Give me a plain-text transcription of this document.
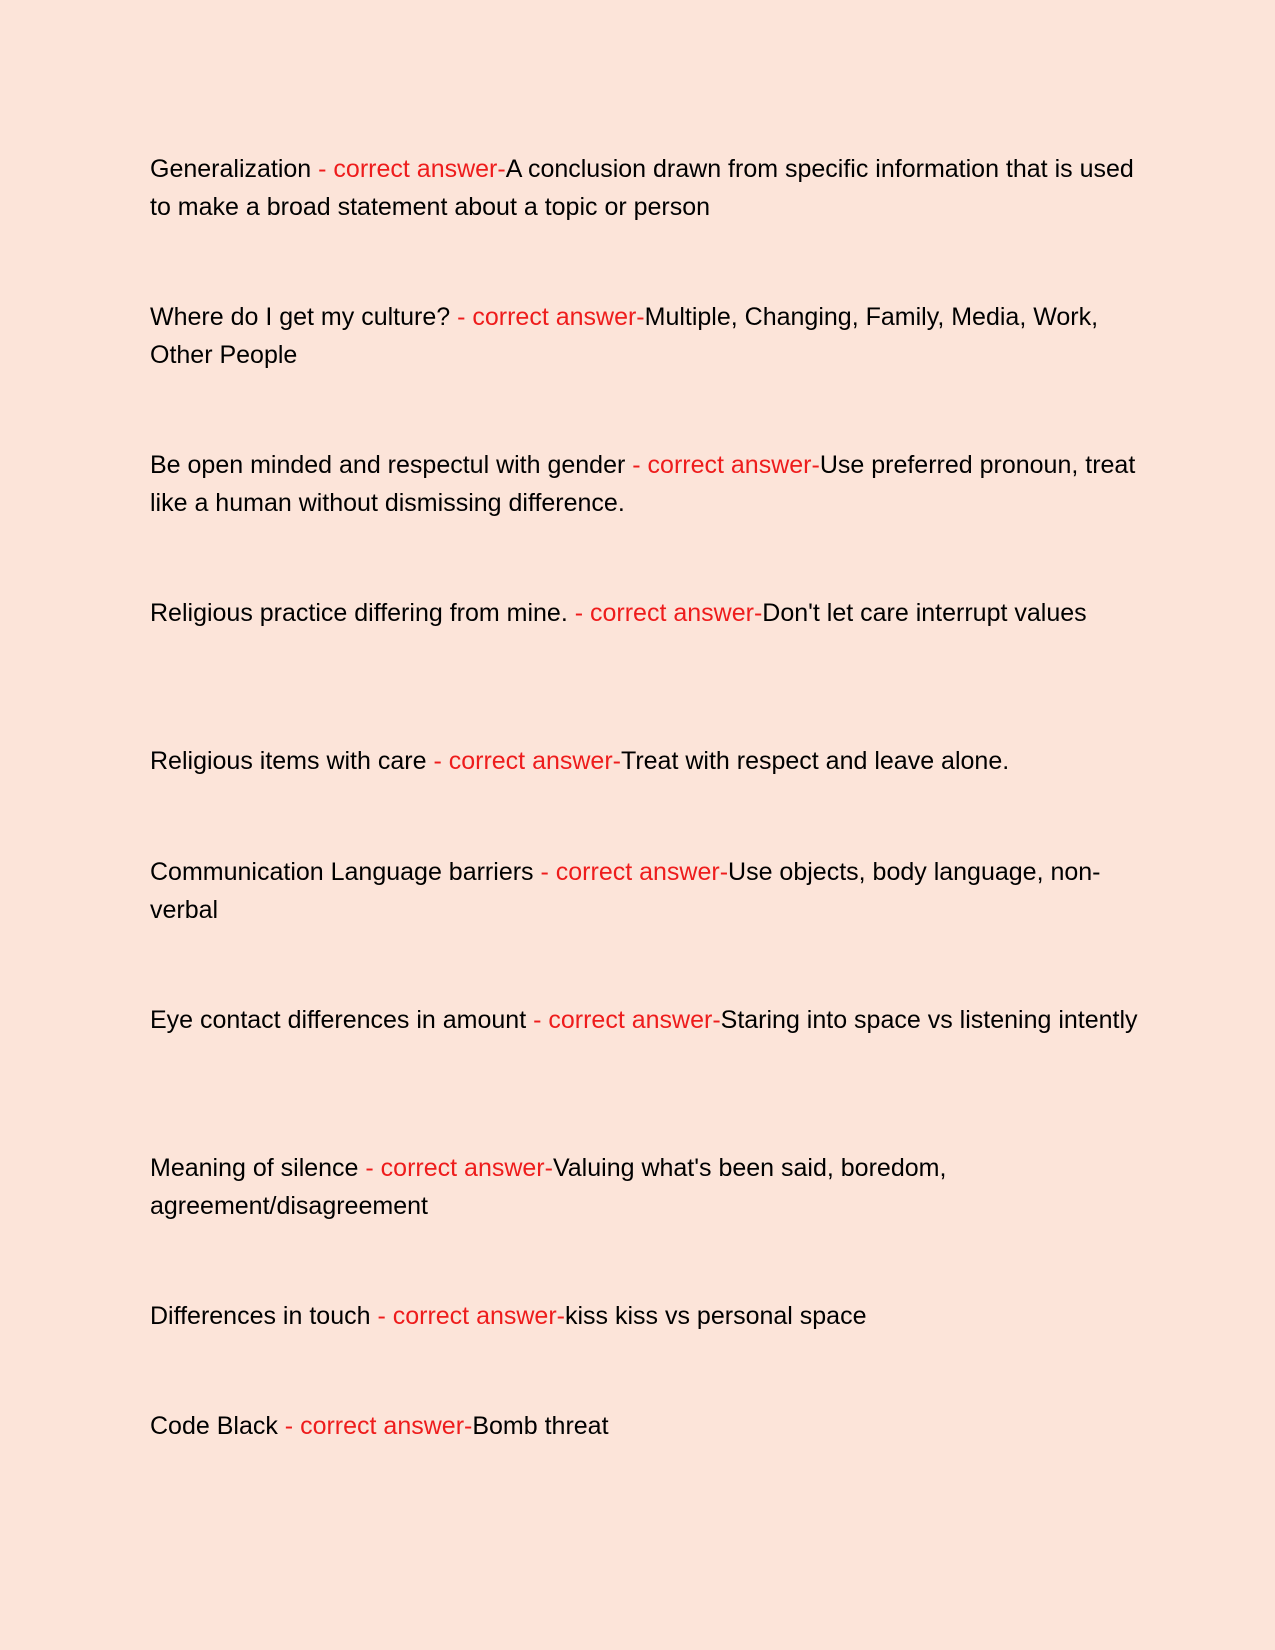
Generalization - correct answer-A conclusion drawn from specific information that is used to make a broad statement about a topic or person

Where do I get my culture? - correct answer-Multiple, Changing, Family, Media, Work, Other People

Be open minded and respectul with gender - correct answer-Use preferred pronoun, treat like a human without dismissing difference.

Religious practice differing from mine. - correct answer-Don't let care interrupt values

Religious items with care - correct answer-Treat with respect and leave alone.

Communication Language barriers - correct answer-Use objects, body language, non-verbal

Eye contact differences in amount - correct answer-Staring into space vs listening intently

Meaning of silence - correct answer-Valuing what's been said, boredom, agreement/disagreement

Differences in touch - correct answer-kiss kiss vs personal space

Code Black - correct answer-Bomb threat
